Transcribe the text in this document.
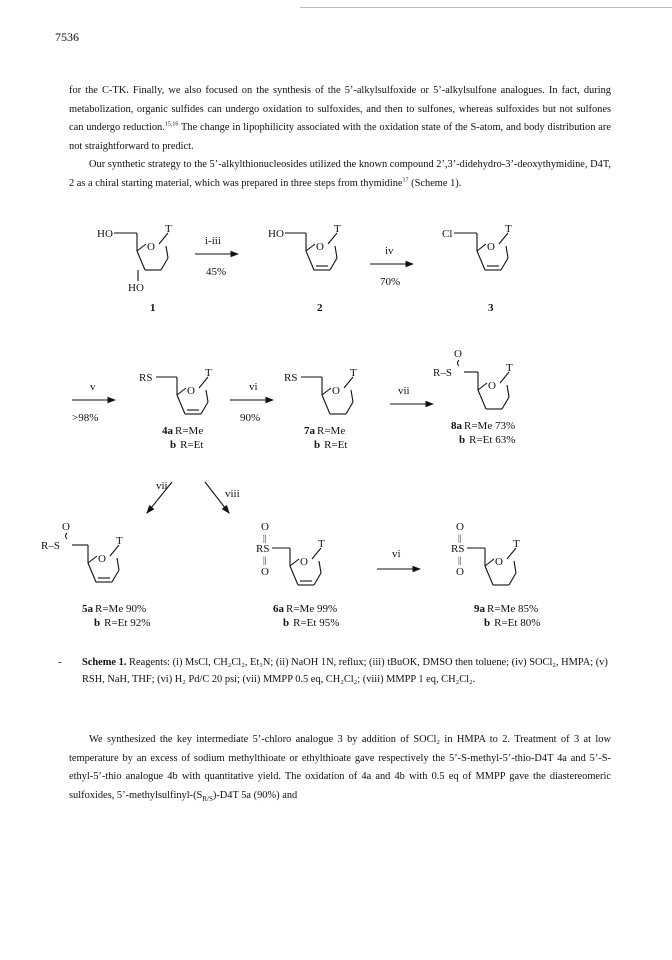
7536

for the C-TK. Finally, we also focused on the synthesis of the 5’-alkylsulfoxide or 5’-alkylsulfone analogues. In fact, during metabolization, organic sulfides can undergo oxidation to sulfoxides, and then to sulfones, whereas sulfoxides but not sulfones can undergo reduction.$^{15,16}$ The change in lipophilicity associated with the oxidation state of the S-atom, and body distribution are not straightforward to predict.

Our synthetic strategy to the 5’-alkylthionucleosides utilized the known compound 2’,3’-didehydro-3’-deoxythymidine, D4T, 2 as a chiral starting material, which was prepared in three steps from thymidine$^{17}$ (Scheme 1).

HO
O
T
HO
1
i-iii
45%
HO
O
T
2
iv
70%
Cl
O
T
3
v
>98%
RS
O
T
4a R=Me
b R=Et
vi
90%
RS
O
T
7a R=Me
b R=Et
vii
O
R–S
O
T
8a R=Me 73%
b R=Et 63%
vii
viii
O
R–S
O
T
5a R=Me 90%
b R=Et 92%
O
||
RS
||
O
O
T
6a R=Me 99%
b R=Et 95%
vi
O
||
RS
||
O
O
T
9a R=Me 85%
b R=Et 80%

- Scheme 1. Reagents: (i) MsCl, CH₂Cl₂, Et₃N; (ii) NaOH 1N, reflux; (iii) tBuOK, DMSO then toluene; (iv) SOCl₂, HMPA; (v) RSH, NaH, THF; (vi) H₂ Pd/C 20 psi; (vii) MMPP 0.5 eq, CH₂Cl₂; (viii) MMPP 1 eq, CH₂Cl₂.

We synthesized the key intermediate 5’-chloro analogue 3 by addition of SOCl₂ in HMPA to 2. Treatment of 3 at low temperature by an excess of sodium methylthioate or ethylthioate gave respectively the 5’-S-methyl-5’-thio-D4T 4a and 5’-S-ethyl-5’-thio analogue 4b with quantitative yield. The oxidation of 4a and 4b with 0.5 eq of MMPP gave the diastereomeric sulfoxides, $5’-methylsulfinyl-(S_{R/S})-D4T$ 5a (90%) and
